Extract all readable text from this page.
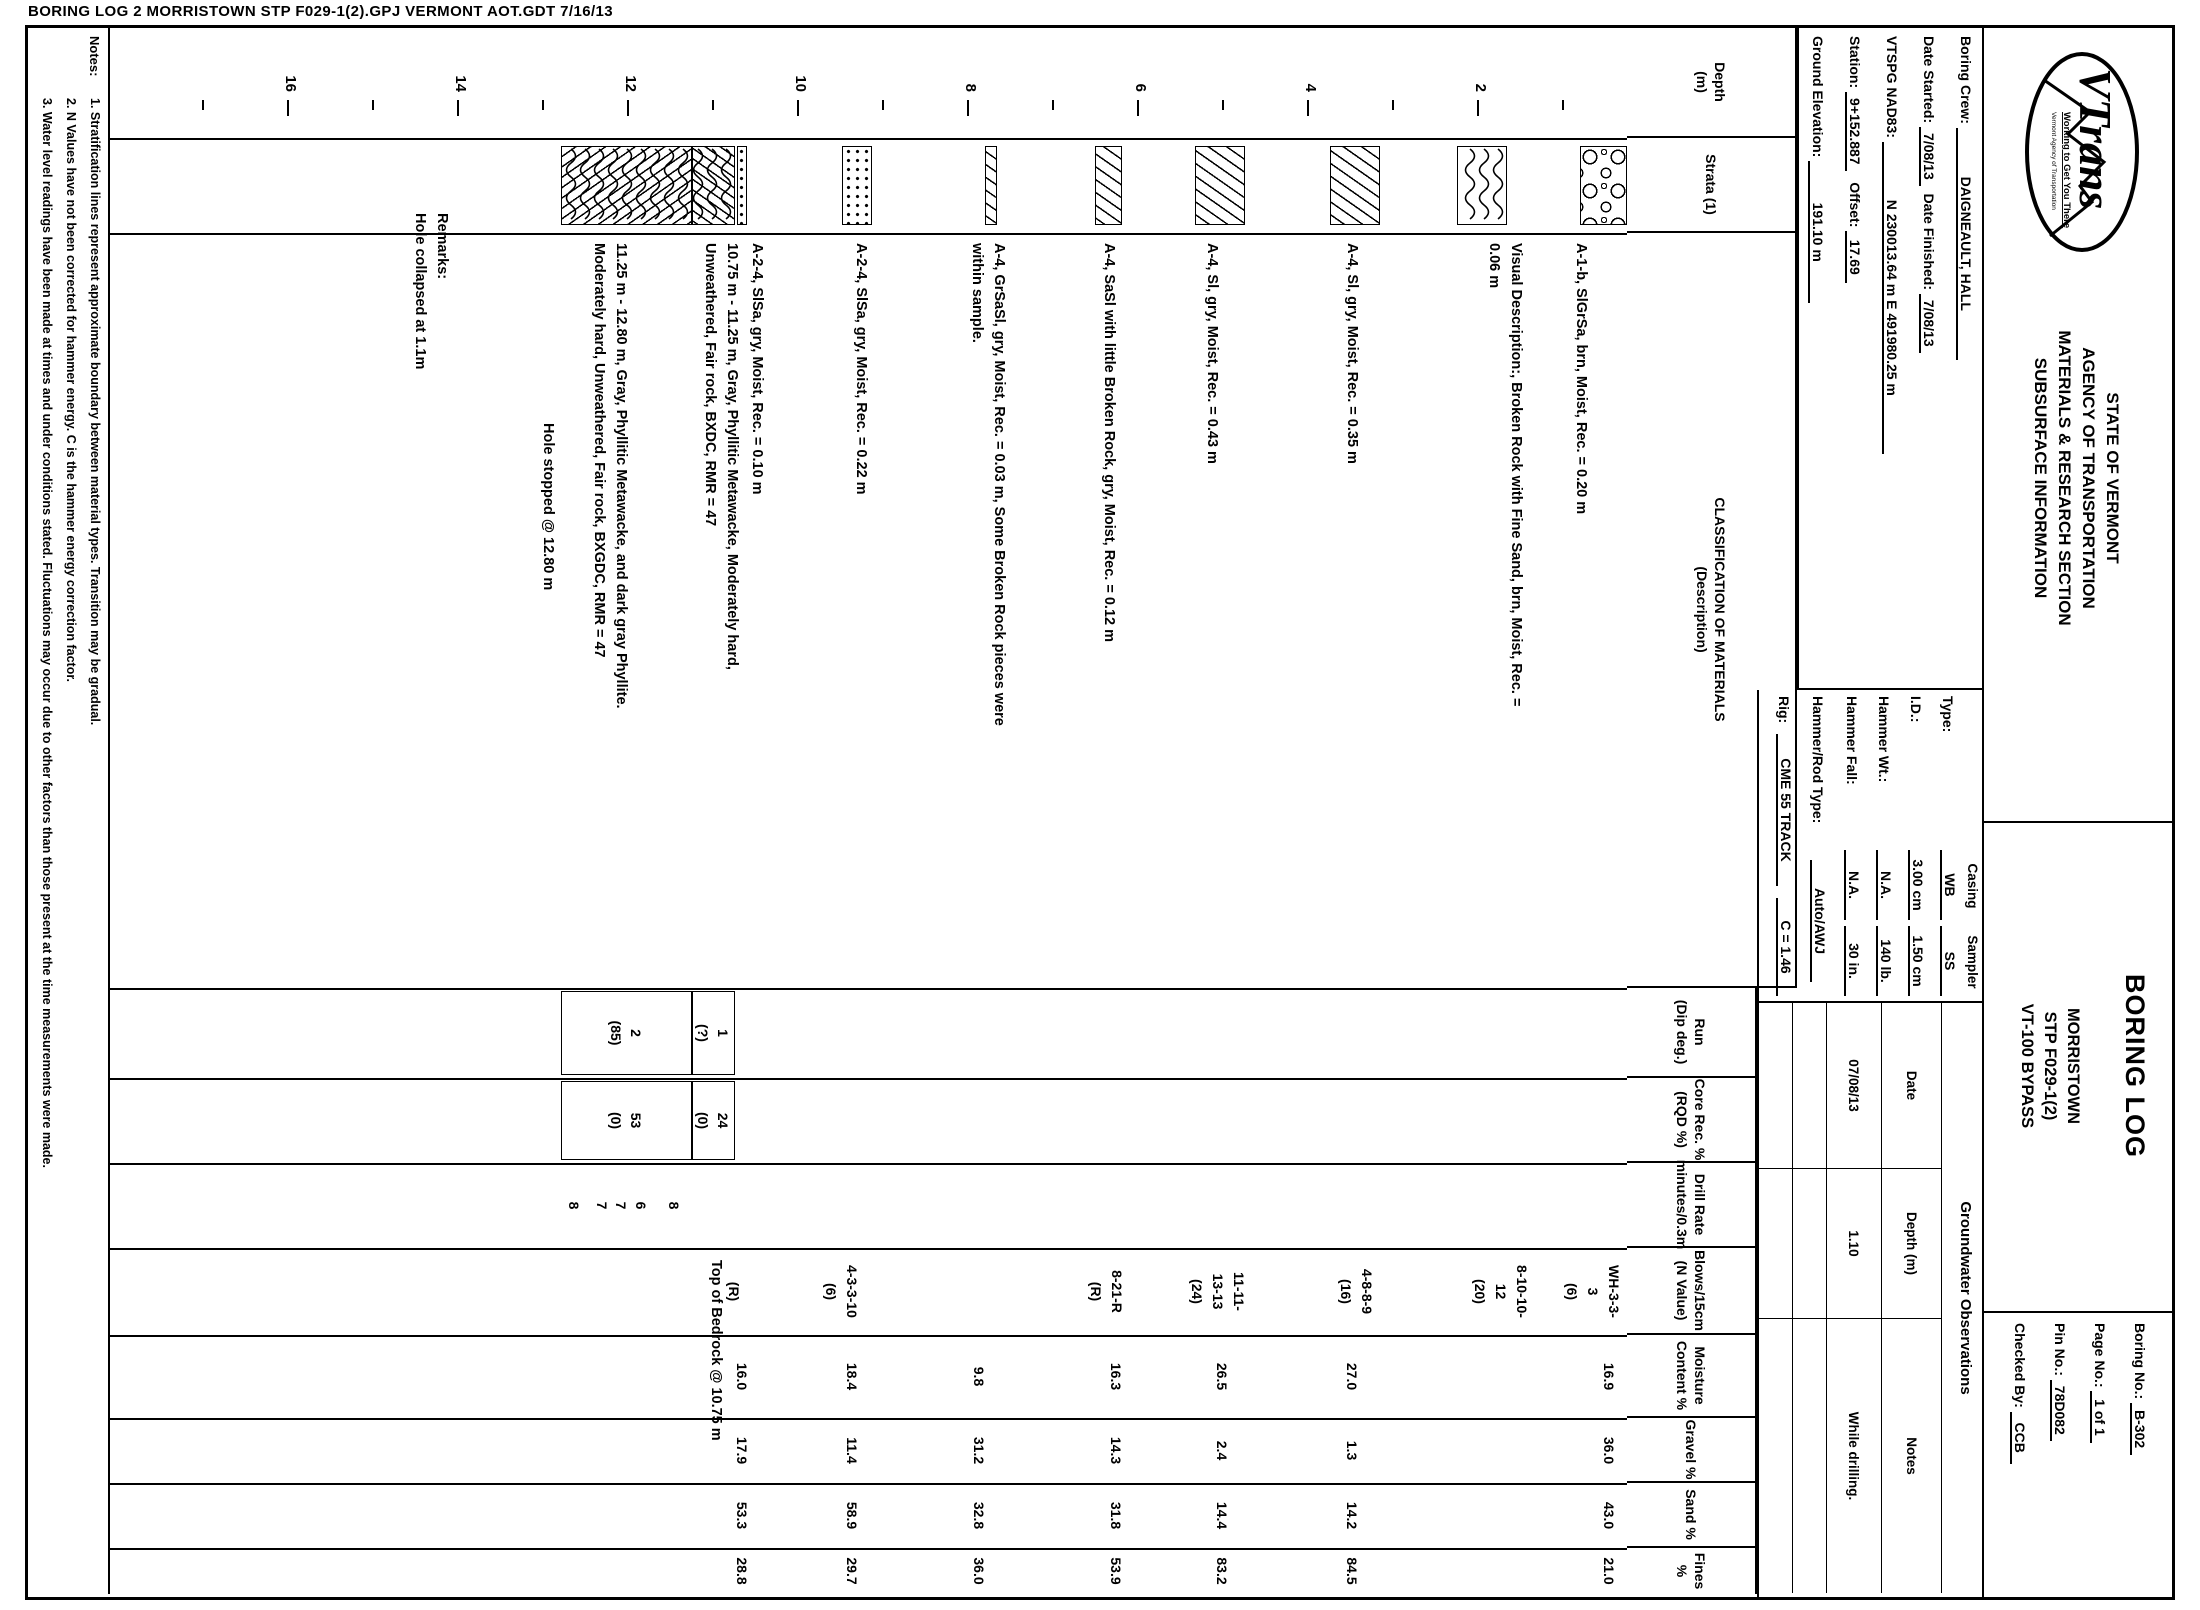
BORING LOG 2 MORRISTOWN STP F029-1(2).GPJ VERMONT AOT.GDT 7/16/13
VTrans
Working to Get You There
Vermont Agency of Transportation
STATE OF VERMONT
AGENCY OF TRANSPORTATION
MATERIALS & RESEARCH SECTION
SUBSURFACE INFORMATION
BORING LOG
MORRISTOWN
STP F029-1(2)
VT-100 BYPASS
Boring No.: B-302
Page No.: 1 of 1
Pin No.: 78D082
Checked By: CCB
Boring Crew: DAIGNEAULT, HALL
Date Started: 7/08/13  Date Finished: 7/08/13
VTSPG NAD83: N 230013.64 m E 491980.25 m
Station: 9+152.887   Offset: 17.69
Ground Elevation: 191.10 m
Casing
Sampler
Type:
WB
SS
I.D.:
3.00 cm
1.50 cm
Hammer Wt.:
N.A.
140 lb.
Hammer Fall:
N.A.
30 in.
Hammer/Rod Type:
Auto/AWJ
Rig:
CME 55 TRACK
C = 1.46
Groundwater Observations
Date
Depth (m)
Notes
07/08/13
1.10
While drilling.
Depth
(m)
Strata (1)
CLASSIFICATION OF MATERIALS
(Description)
Run
(Dip deg.)
Core Rec. %
(RQD %)
Drill Rate
minutes/0.3m
Blows/15cm
(N Value)
Moisture
Content %
Gravel %
Sand %
Fines %
2
4
6
8
10
12
14
16
A-1-b, SlGrSa, brn, Moist, Rec. = 0.20 m
Visual Description:, Broken Rock with Fine Sand, brn, Moist, Rec. =
0.06 m
A-4, Sl, gry, Moist, Rec. = 0.35 m
A-4, Sl, gry, Moist, Rec. = 0.43 m
A-4, SaSl with little Broken Rock, gry, Moist, Rec. = 0.12 m
A-4, GrSaSl, gry, Moist, Rec. = 0.03 m, Some Broken Rock pieces were
within sample.
A-2-4, SlSa, gry, Moist, Rec. = 0.22 m
A-2-4, SlSa, gry, Moist, Rec. = 0.10 m
10.75 m - 11.25 m, Gray, Phyllitic Metawacke, Moderately hard,
Unweathered, Fair rock, BXDC, RMR = 47
11.25 m - 12.80 m, Gray, Phyllitic Metawacke, and dark gray Phyllite.
Moderately hard, Unweathered, Fair rock, BXGDC, RMR = 47
WH-3-3-
3
(6)
8-10-10-
12
(20)
4-8-8-9
(16)
11-11-
13-13
(24)
8-21-R
(R)
4-3-3-10
(6)
(R)
16.9
27.0
26.5
16.3
9.8
18.4
16.0
36.0
1.3
2.4
14.3
31.2
11.4
17.9
43.0
14.2
14.4
31.8
32.8
58.9
53.3
21.0
84.5
83.2
53.9
36.0
29.7
28.8
8
6
7
7
8
1
(?)
24
(0)
2
(85)
53
(0)
Top of Bedrock @ 10.75 m
Hole stopped @ 12.80 m
Remarks:
Hole collapsed at 1.1m
Notes:
1. Stratification lines represent approximate boundary between material types. Transition may be gradual.
2. N Values have not been corrected for hammer energy. C is the hammer energy correction factor.
3. Water level readings have been made at times and under conditions stated. Fluctuations may occur due to other factors than those present at the time measurements were made.
